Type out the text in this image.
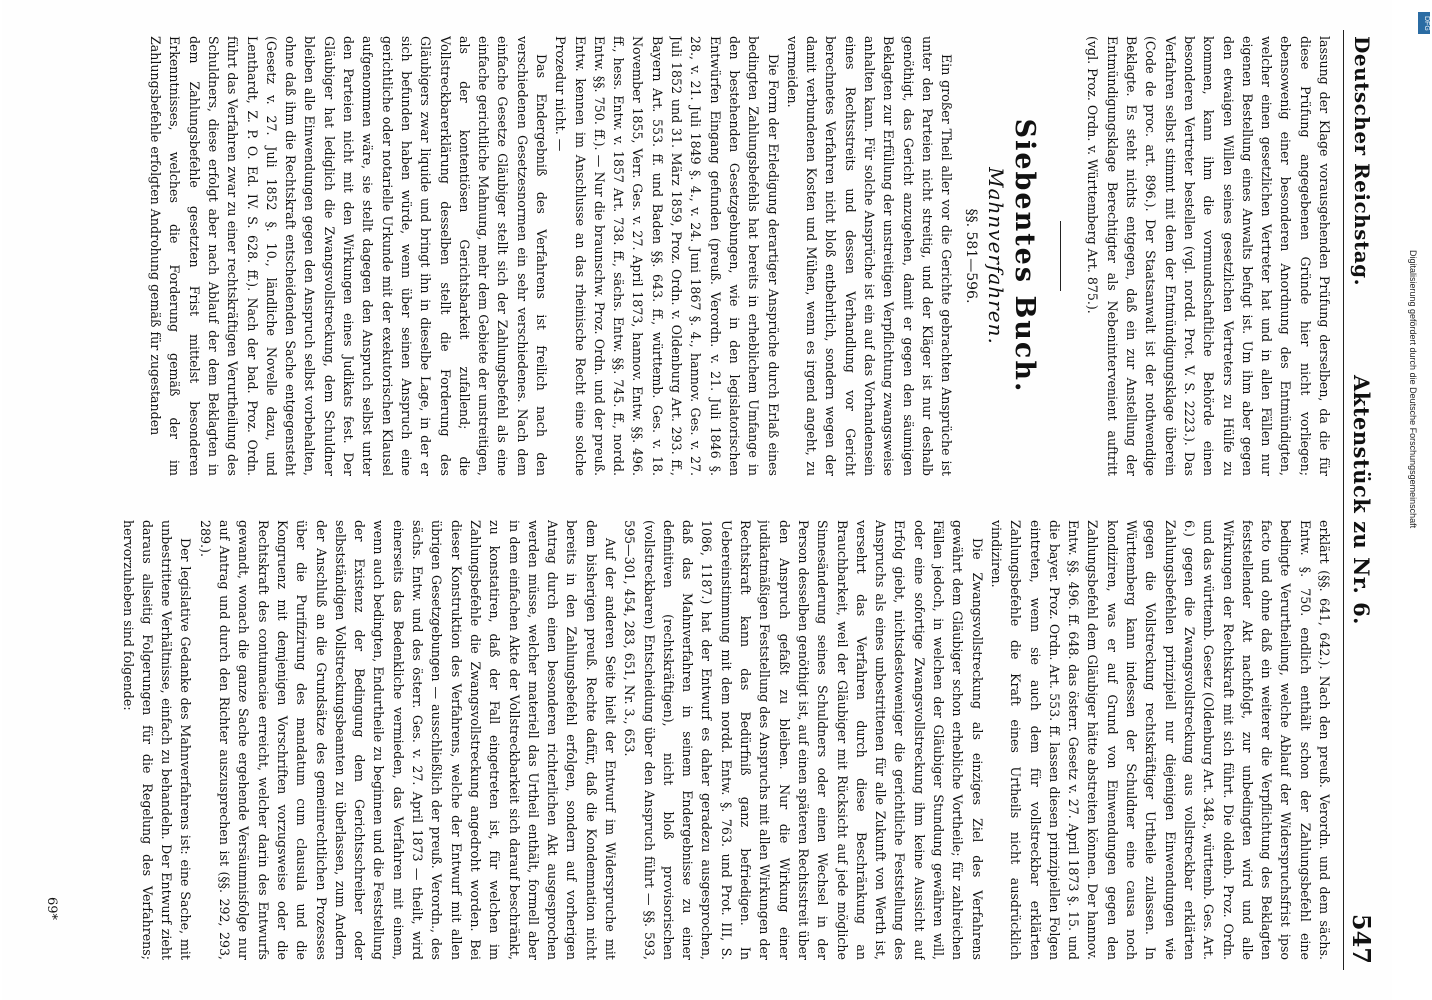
Deutscher Reichstag.
Aktenstück zu Nr. 6.
547

lassung der Klage vorausgehenden Prüfung derselben, da die für diese Prüfung angegebenen Gründe hier nicht vorliegen; ebensowenig einer besonderen Anordnung des Entmündigten, welcher einen gesetzlichen Vertreter hat und in allen Fällen nur eigenen Bestellung eines Anwalts befugt ist. Um ihm aber gegen den etwaigen Willen seines gesetzlichen Vertreters zu Hülfe zu kommen, kann ihm die vormundschaftliche Behörde einen besonderen Vertreter bestellen (vgl. nordd. Prot. V. S. 2223.). Das Verfahren selbst stimmt mit dem der Entmündigungsklage überein (Code de proc. art. 896.). Der Staatsanwalt ist der nothwendige Beklagte. Es steht nichts entgegen, daß ein zur Anstellung der Entmündigungsklage Berechtigter als Nebenintervenient auftritt (vgl. Proz. Ordn. v. Württemberg Art. 875.).

Siebentes Buch.
Mahnverfahren.
§§. 581—596.

Ein großer Theil aller vor die Gerichte gebrachten Ansprüche ist unter den Parteien nicht streitig, und der Kläger ist nur deshalb genöthigt, das Gericht anzugehen, damit er gegen den säumigen Beklagten zur Erfüllung der unstreitigen Verpflichtung zwangsweise anhalten kann. Für solche Ansprüche ist ein auf das Vorhandensein eines Rechtsstreits und dessen Verhandlung vor Gericht berechnetes Verfahren nicht bloß entbehrlich, sondern wegen der damit verbundenen Kosten und Mühen, wenn es irgend angeht, zu vermeiden.

Die Form der Erledigung derartiger Ansprüche durch Erlaß eines bedingten Zahlungsbefehls hat bereits in erheblichem Umfange in den bestehenden Gesetzgebungen, wie in den legislatorischen Entwürfen Eingang gefunden (preuß. Verordn. v. 21. Juli 1846 §. 28., v. 21. Juli 1849 §. 4., v. 24. Juni 1867 §. 4., hannov. Ges. v. 27. Juli 1852 und 31. März 1859, Proz. Ordn. v. Oldenburg Art. 293. ff., Bayern Art. 553. ff. und Baden §§. 643. ff., württemb. Ges. v. 18. November 1855, Verr. Ges. v. 27. April 1873, hannov. Entw. §§. 496. ff., hess. Entw. v. 1857 Art. 738. ff., sächs. Entw. §§. 745. ff., nordd. Entw. §§. 750. ff.). — Nur die braunschw. Proz. Ordn. und der preuß. Entw. kennen im Anschlusse an das rheinische Recht eine solche Prozedur nicht. —

Das Endergebniß des Verfahrens ist freilich nach den verschiedenen Gesetzesnormen ein sehr verschiedenes. Nach dem einfache Gesetze Gläubiger stellt sich der Zahlungsbefehl als eine einfache gerichtliche Mahnung, mehr dem Gebiete der unstreitigen, als der kontentiösen Gerichtsbarkeit zufallend; die Vollstreckbarerklärung desselben stellt die Forderung des Gläubigers zwar liquide und bringt ihn in dieselbe Lage, in der er sich befunden haben würde, wenn über seinen Anspruch eine gerichtliche oder notarielle Urkunde mit der exekutorischen Klausel aufgenommen wäre, sie stellt dagegen den Anspruch selbst unter den Parteien nicht mit den Wirkungen eines Judikats fest. Der Gläubiger hat lediglich die Zwangsvollstreckung, dem Schuldner bleiben alle Einwendungen gegen den Anspruch selbst vorbehalten, ohne daß ihm die Rechtskraft entscheidenden Sache entgegensteht (Gesetz v. 27. Juli 1852 §. 10., ländliche Novelle dazu, und Lenthardt, Z. P. O. Ed. IV. S. 628. ff.). Nach der bad. Proz. Ordn. führt das Verfahren zwar zu einer rechtskräftigen Verurtheilung des Schuldners, diese erfolgt aber nach Ablauf der dem Beklagten in dem Zahlungsbefehle gesetzten Frist mittelst besonderen Erkenntnisses, welches die Forderung gemäß der im Zahlungsbefehle erfolgten Androhung gemäß für zugestanden

erklärt (§§. 641, 642.). Nach den preuß. Verordn. und dem sächs. Entw. §. 750. endlich enthält schon der Zahlungsbefehl eine bedingte Verurtheilung, welche Ablauf der Widerspruchsfrist ipso facto und ohne daß ein weiterer die Verpflichtung des Beklagten feststellender Akt nachfolgt, zur unbedingten wird und alle Wirkungen der Rechtskraft mit sich führt. Die oldenb. Proz. Ordn. und das württemb. Gesetz (Oldenburg Art. 348., württemb. Ges. Art. 6.) gegen die Zwangsvollstreckung aus vollstreckbar erklärten Zahlungsbefehlen prinzipiell nur diejenigen Einwendungen wie gegen die Vollstreckung rechtskräftiger Urtheile zulassen. In Württemberg kann indessen der Schuldner eine causa noch kondiziren, was er auf Grund von Einwendungen gegen den Zahlungsbefehl dem Gläubiger hätte abstreiten können. Der hannov. Entw. §§. 496. ff. 648. das österr. Gesetz v. 27. April 1873 §. 15. und die bayer. Proz. Ordn. Art. 553. ff. lassen diesen prinzipiellen Folgen eintreten, wenn sie auch dem für vollstreckbar erklärten Zahlungsbefehle die Kraft eines Urtheils nicht ausdrücklich vindiziren.

Die Zwangsvollstreckung als einziges Ziel des Verfahrens gewährt dem Gläubiger schon erhebliche Vortheile; für zahlreichen Fällen jedoch, in welchen der Gläubiger Stundung gewähren will, oder eine sofortige Zwangsvollstreckung ihm keine Aussicht auf Erfolg giebt, nichtsdestoweniger die gerichtliche Feststellung des Anspruchs als eines unbestrittenen für alle Zukunft von Werth ist, versehrt das Verfahren durch diese Beschränkung an Brauchbarkeit, weil der Gläubiger mit Rücksicht auf jede mögliche Sinnesänderung seines Schuldners oder einen Wechsel in der Person desselben genöthigt ist, auf einen späteren Rechtsstreit über den Anspruch gefaßt zu bleiben. Nur die Wirkung einer judikatmäßigen Feststellung des Anspruchs mit allen Wirkungen der Rechtskraft kann das Bedürfniß ganz befriedigen. In Uebereinstimmung mit dem nordd. Entw. §. 763. und Prot. III, S. 1086, 1187.) hat der Entwurf es daher geradezu ausgesprochen, daß das Mahnverfahren in seinem Endergebnisse zu einer definitiven (rechtskräftigen), nicht bloß provisorischen (vollstreckbaren) Entscheidung über den Anspruch führt — §§. 593, 595—301, 454, 283, 651, Nr. 3., 653.

Auf der anderen Seite hielt der Entwurf im Widerspruche mit dem bisherigen preuß. Rechte dafür, daß die Kondemnation nicht bereits in den Zahlungsbefehl erfolgen, sondern auf vorherigen Antrag durch einen besonderen richterlichen Akt ausgesprochen werden müsse, welcher materiell das Urtheil enthält, formell aber in dem einfachen Akte der Vollstreckbarkeit sich darauf beschränkt, zu konstatiren, daß der Fall eingetreten ist, für welchen im Zahlungsbefehle die Zwangsvollstreckung angedroht worden. Bei dieser Konstruktion des Verfahrens, welche der Entwurf mit allen übrigen Gesetzgebungen — ausschließlich der preuß. Verordn., des sächs. Entw. und des österr. Ges. v. 27. April 1873 — theilt, wird einerseits das Bedenkliche vermieden, das Verfahren mit einem, wenn auch bedingten, Endurtheile zu beginnen und die Feststellung der Existenz der Bedingung dem Gerichtsschreiber oder selbstständigen Vollstreckungsbeamten zu überlassen, zum Andern der Anschluß an die Grundsätze des gemeinrechtlichen Prozesses über die Purifizirung des mandatum cum clausula und die Kongruenz mit demjenigen Vorschriften vorzugsweise oder die Rechtskraft des contumaciae erreicht, welcher darin des Entwurfs gewandt, wonach die ganze Sache ergehende Versäumnisfolge nur auf Antrag und durch den Richter auszusprechen ist (§§. 292, 293, 289.).

Der legislative Gedanke des Mahnverfahrens ist: eine Sache, mit unbestrittene Verhältnisse, einfach zu behandeln. Der Entwurf zieht daraus allseitig Folgerungen für die Regelung des Verfahrens; hervorzuheben sind folgende:

69*
DFG
Digitalisierung gefördert durch die Deutsche Forschungsgemeinschaft
